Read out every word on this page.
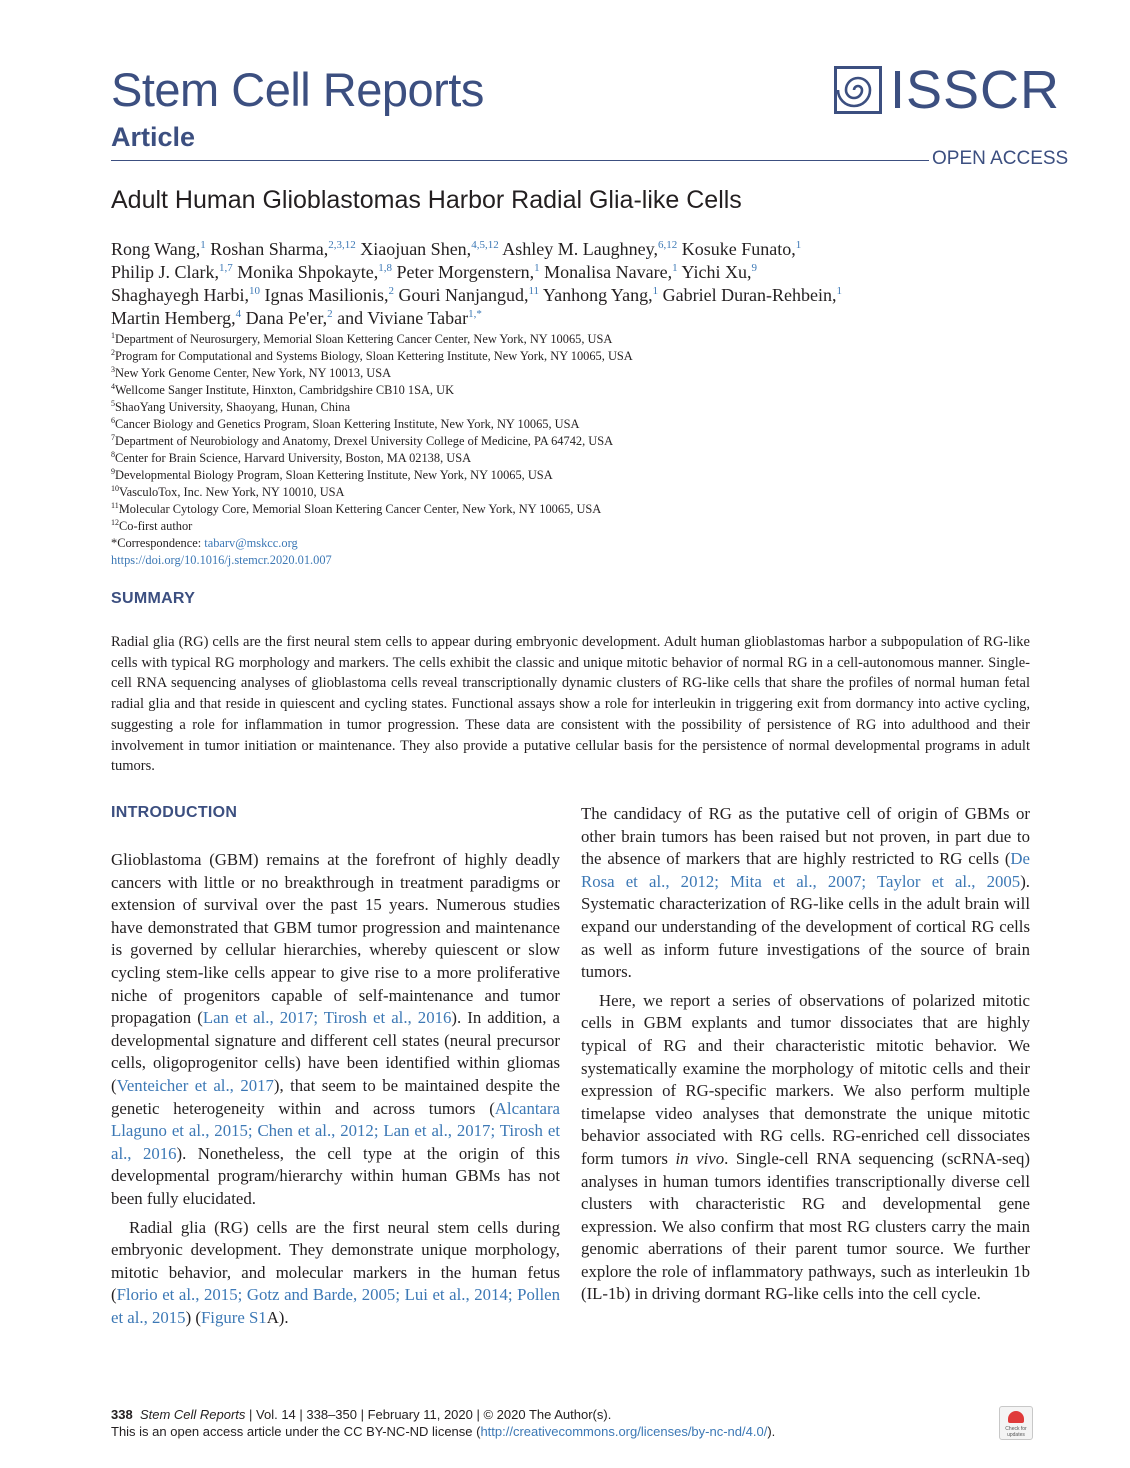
Stem Cell Reports
Article
ISSCR
OPEN ACCESS
Adult Human Glioblastomas Harbor Radial Glia-like Cells
Rong Wang,$^1$ Roshan Sharma,$^{2,3,12}$ Xiaojuan Shen,$^{4,5,12}$ Ashley M. Laughney,$^{6,12}$ Kosuke Funato,$^1$
Philip J. Clark,$^{1,7}$ Monika Shpokayte,$^{1,8}$ Peter Morgenstern,$^1$ Monalisa Navare,$^1$ Yichi Xu,$^9$
Shaghayegh Harbi,$^{10}$ Ignas Masilionis,$^2$ Gouri Nanjangud,$^{11}$ Yanhong Yang,$^1$ Gabriel Duran-Rehbein,$^1$
Martin Hemberg,$^4$ Dana Pe'er,$^2$ and Viviane Tabar$^{1,*}$
$^1$Department of Neurosurgery, Memorial Sloan Kettering Cancer Center, New York, NY 10065, USA
$^2$Program for Computational and Systems Biology, Sloan Kettering Institute, New York, NY 10065, USA
$^3$New York Genome Center, New York, NY 10013, USA
$^4$Wellcome Sanger Institute, Hinxton, Cambridgshire CB10 1SA, UK
$^5$ShaoYang University, Shaoyang, Hunan, China
$^6$Cancer Biology and Genetics Program, Sloan Kettering Institute, New York, NY 10065, USA
$^7$Department of Neurobiology and Anatomy, Drexel University College of Medicine, PA 64742, USA
$^8$Center for Brain Science, Harvard University, Boston, MA 02138, USA
$^9$Developmental Biology Program, Sloan Kettering Institute, New York, NY 10065, USA
$^{10}$VasculoTox, Inc. New York, NY 10010, USA
$^{11}$Molecular Cytology Core, Memorial Sloan Kettering Cancer Center, New York, NY 10065, USA
$^{12}$Co-first author
*Correspondence: tabarv@mskcc.org
https://doi.org/10.1016/j.stemcr.2020.01.007
SUMMARY
Radial glia (RG) cells are the first neural stem cells to appear during embryonic development. Adult human glioblastomas harbor a subpopulation of RG-like cells with typical RG morphology and markers. The cells exhibit the classic and unique mitotic behavior of normal RG in a cell-autonomous manner. Single-cell RNA sequencing analyses of glioblastoma cells reveal transcriptionally dynamic clusters of RG-like cells that share the profiles of normal human fetal radial glia and that reside in quiescent and cycling states. Functional assays show a role for interleukin in triggering exit from dormancy into active cycling, suggesting a role for inflammation in tumor progression. These data are consistent with the possibility of persistence of RG into adulthood and their involvement in tumor initiation or maintenance. They also provide a putative cellular basis for the persistence of normal developmental programs in adult tumors.
INTRODUCTION

Glioblastoma (GBM) remains at the forefront of highly deadly cancers with little or no breakthrough in treatment paradigms or extension of survival over the past 15 years. Numerous studies have demonstrated that GBM tumor progression and maintenance is governed by cellular hierarchies, whereby quiescent or slow cycling stem-like cells appear to give rise to a more proliferative niche of progenitors capable of self-maintenance and tumor propagation (Lan et al., 2017; Tirosh et al., 2016). In addition, a developmental signature and different cell states (neural precursor cells, oligoprogenitor cells) have been identified within gliomas (Venteicher et al., 2017), that seem to be maintained despite the genetic heterogeneity within and across tumors (Alcantara Llaguno et al., 2015; Chen et al., 2012; Lan et al., 2017; Tirosh et al., 2016). Nonetheless, the cell type at the origin of this developmental program/hierarchy within human GBMs has not been fully elucidated.

Radial glia (RG) cells are the first neural stem cells during embryonic development. They demonstrate unique morphology, mitotic behavior, and molecular markers in the human fetus (Florio et al., 2015; Gotz and Barde, 2005; Lui et al., 2014; Pollen et al., 2015) (Figure S1A).

The candidacy of RG as the putative cell of origin of GBMs or other brain tumors has been raised but not proven, in part due to the absence of markers that are highly restricted to RG cells (De Rosa et al., 2012; Mita et al., 2007; Taylor et al., 2005). Systematic characterization of RG-like cells in the adult brain will expand our understanding of the development of cortical RG cells as well as inform future investigations of the source of brain tumors.

Here, we report a series of observations of polarized mitotic cells in GBM explants and tumor dissociates that are highly typical of RG and their characteristic mitotic behavior. We systematically examine the morphology of mitotic cells and their expression of RG-specific markers. We also perform multiple timelapse video analyses that demonstrate the unique mitotic behavior associated with RG cells. RG-enriched cell dissociates form tumors in vivo. Single-cell RNA sequencing (scRNA-seq) analyses in human tumors identifies transcriptionally diverse cell clusters with characteristic RG and developmental gene expression. We also confirm that most RG clusters carry the main genomic aberrations of their parent tumor source. We further explore the role of inflammatory pathways, such as interleukin 1b (IL-1b) in driving dormant RG-like cells into the cell cycle.

338 Stem Cell Reports | Vol. 14 | 338–350 | February 11, 2020 | © 2020 The Author(s).
This is an open access article under the CC BY-NC-ND license (http://creativecommons.org/licenses/by-nc-nd/4.0/).	Check for updates
